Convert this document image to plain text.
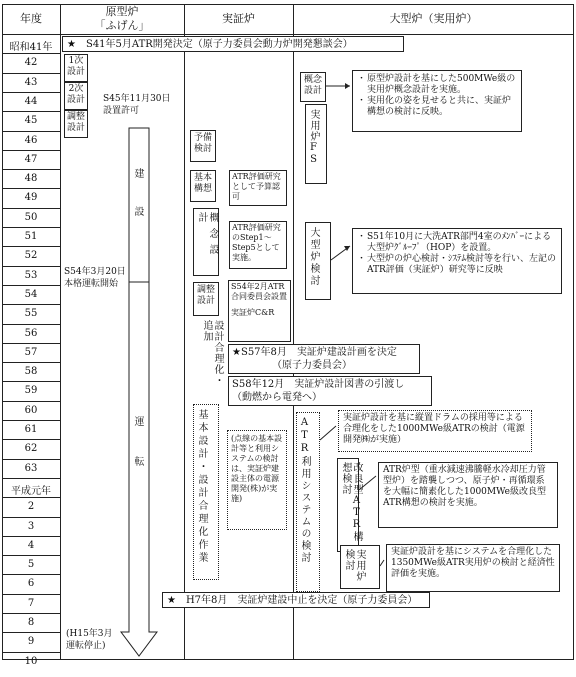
年度
原型炉
「ふげん」
実証炉	大型炉（実用炉）
昭和41年
42
43
44
45
46
47
48
49
50
51
52
53
54
55
56
57
58
59
60
61
62
63
平成元年
2
3
4
5
6
7
8
9
10
★　S41年5月ATR開発決定（原子力委員会動力炉開発懇談会）
1次設計
2次設計
調整設計
S45年11月30日
設置許可
建設
運転
S54年3月20日
本格運転開始
(H15年3月
運転停止)
予備検討
基本構想
ATR評価研究として予算認可
概念設計	ATR評価研究のStep1～Step5として実施。
調整設計
S54年2月ATR合同委員会設置
実証炉C&R
設計合理化・追加
基本設計・設計合理化作業	(点線の基本設計等と利用システムの検討は、実証炉建設主体の電源開発(株)が実施)
★S57年8月　実証炉建設計画を決定
（原子力委員会）
S58年12月　実証炉設計図書の引渡し
（動燃から電発へ）
概念設計
実用炉FS
・ 原型炉設計を基にした500MWe級の実用炉概念設計を実施。
・ 実用化の姿を見せると共に、実証炉構想の検討に反映。
大型炉検討
・	S51年10月に大洗ATR部門4室のﾒﾝﾊﾞｰによる大型炉ｸﾞﾙｰﾌﾟ（HOP）を設置。
・ 大型炉の炉心検討・ｼｽﾃﾑ検討等を行い、左記のATR評価（実証炉）研究等に反映
ATR利用システムの検討	実証炉設計を基に縦置ドラムの採用等による合理化をした1000MWe級ATRの検討（電源開発㈱が実施）
改良型ATR構想検討	ATR炉型（重水減速沸騰軽水冷却圧力管型炉）を踏襲しつつ、原子炉・再循環系を大幅に簡素化した1000MWe級改良型ATR構想の検討を実施。
実用炉検討	実証炉設計を基にシステムを合理化した1350MWe級ATR実用炉の検討と経済性評価を実施。
★　H7年8月　実証炉建設中止を決定（原子力委員会）
